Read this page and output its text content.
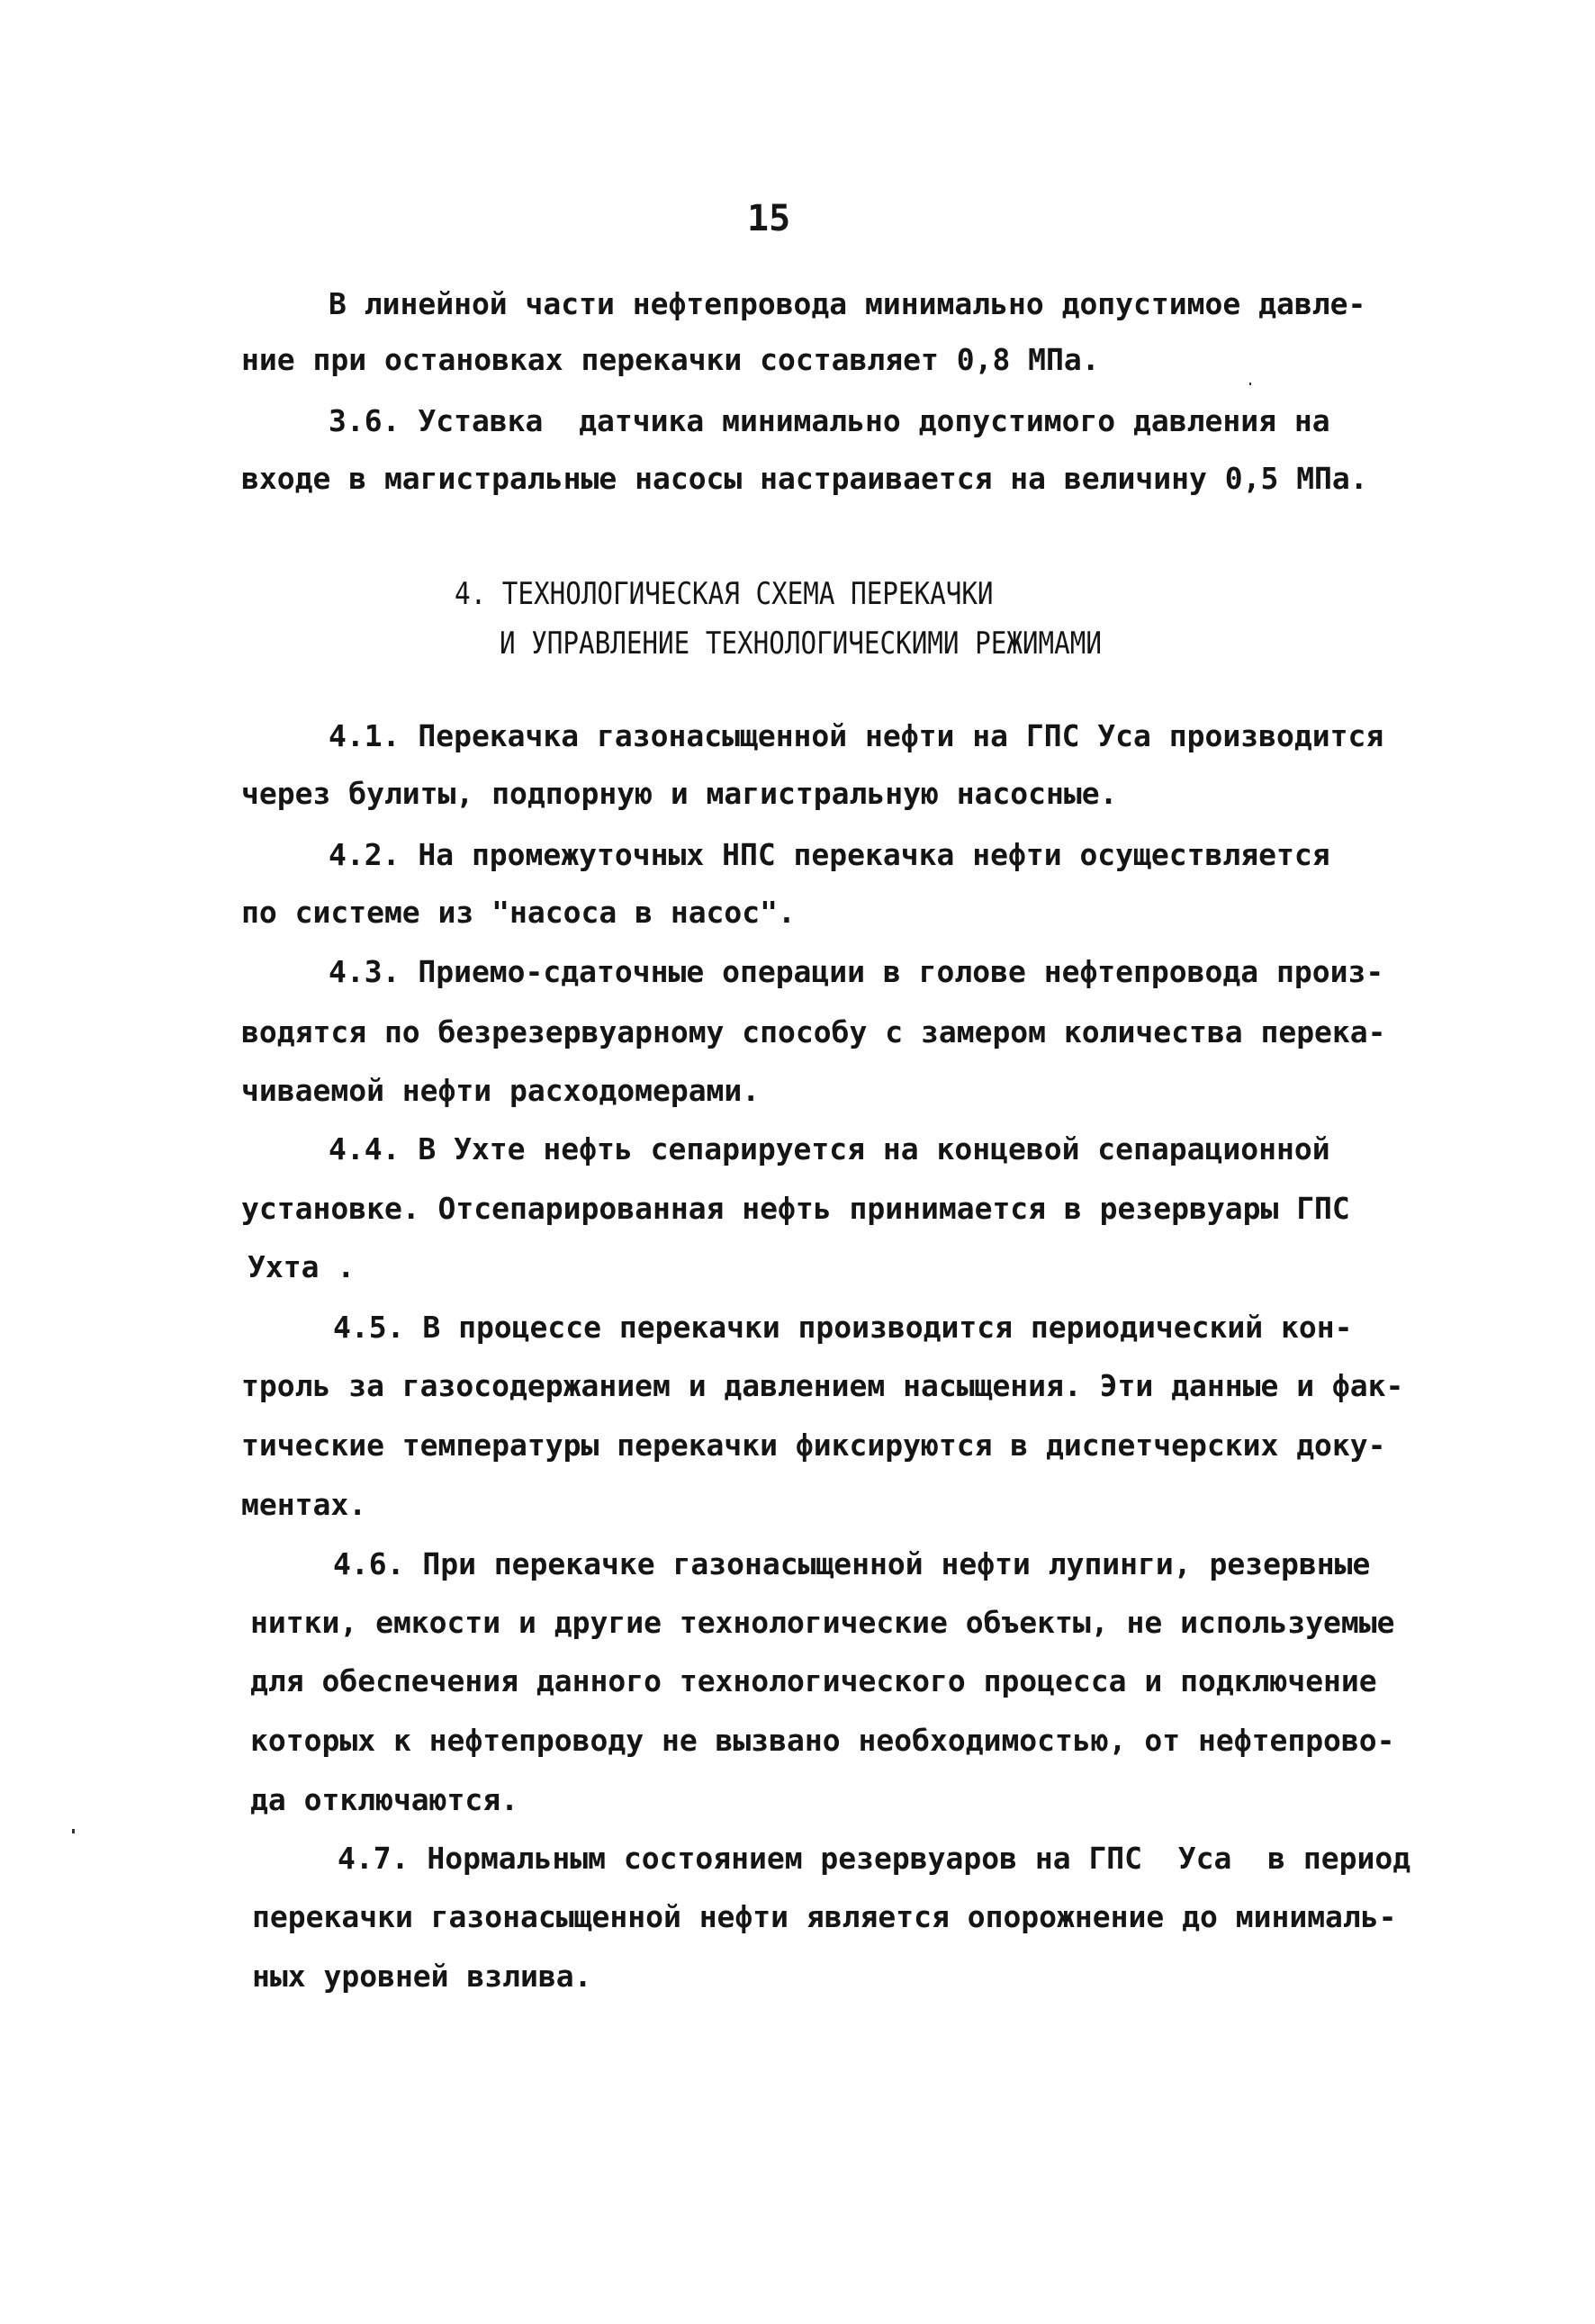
15
В линейной части нефтепровода минимально допустимое давле-
ние при остановках перекачки составляет 0,8 МПа.
3.6. Уставка  датчика минимально допустимого давления на
входе в магистральные насосы настраивается на величину 0,5 МПа.
4. ТЕХНОЛОГИЧЕСКАЯ СХЕМА ПЕРЕКАЧКИ
И УПРАВЛЕНИЕ ТЕХНОЛОГИЧЕСКИМИ РЕЖИМАМИ
4.1. Перекачка газонасыщенной нефти на ГПС Уса производится
через булиты, подпорную и магистральную насосные.
4.2. На промежуточных НПС перекачка нефти осуществляется
по системе из "насоса в насос".
4.3. Приемо-сдаточные операции в голове нефтепровода произ-
водятся по безрезервуарному способу с замером количества перека-
чиваемой нефти расходомерами.
4.4. В Ухте нефть сепарируется на концевой сепарационной
установке. Отсепарированная нефть принимается в резервуары ГПС
Ухта .
4.5. В процессе перекачки производится периодический кон-
троль за газосодержанием и давлением насыщения. Эти данные и фак-
тические температуры перекачки фиксируются в диспетчерских доку-
ментах.
4.6. При перекачке газонасыщенной нефти лупинги, резервные
нитки, емкости и другие технологические объекты, не используемые
для обеспечения данного технологического процесса и подключение
которых к нефтепроводу не вызвано необходимостью, от нефтепрово-
да отключаются.
4.7. Нормальным состоянием резервуаров на ГПС  Уса  в период
перекачки газонасыщенной нефти является опорожнение до минималь-
ных уровней взлива.
